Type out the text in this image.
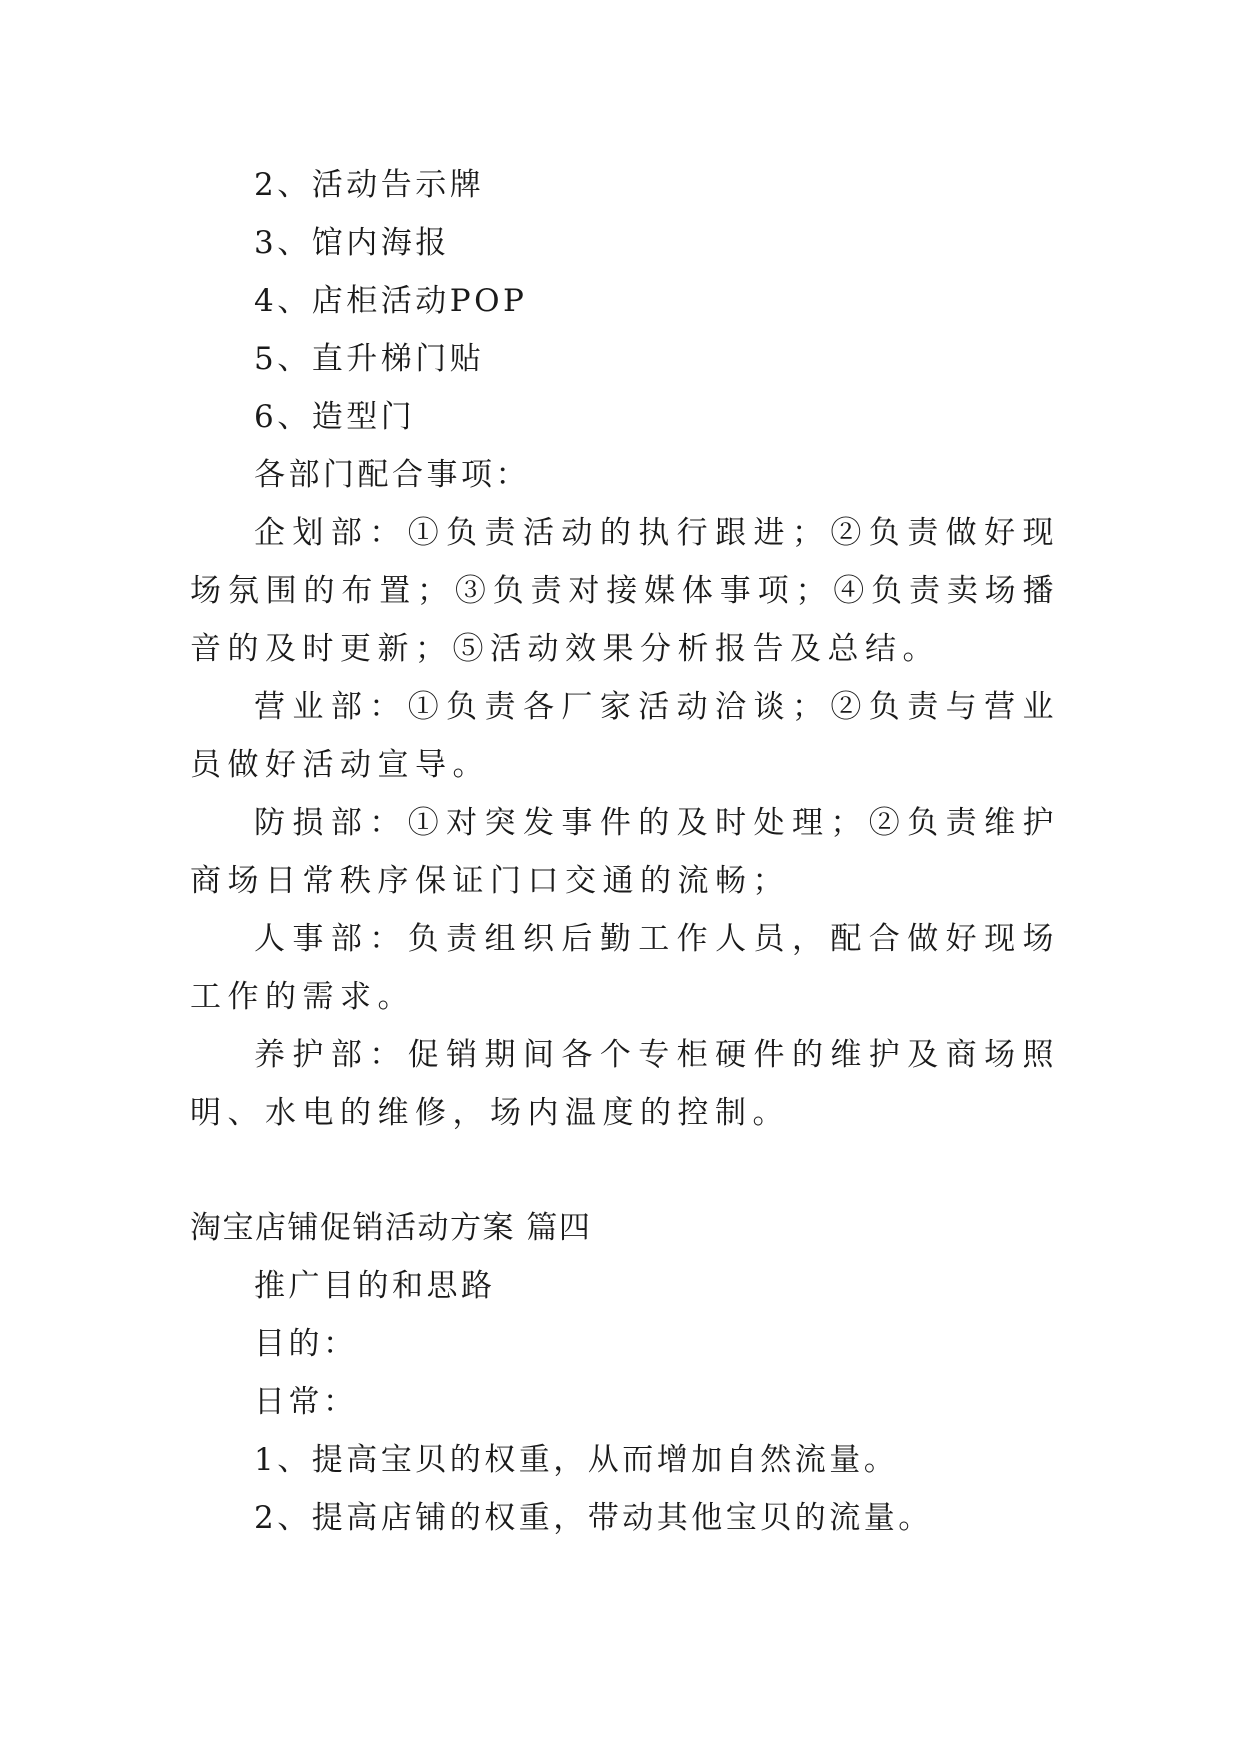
2、活动告示牌
3、馆内海报
4、店柜活动POP
5、直升梯门贴
6、造型门
各部门配合事项：
企划部：①负责活动的执行跟进；②负责做好现场氛围的布置；③负责对接媒体事项；④负责卖场播音的及时更新；⑤活动效果分析报告及总结。
营业部：①负责各厂家活动洽谈；②负责与营业员做好活动宣导。
防损部：①对突发事件的及时处理；②负责维护商场日常秩序保证门口交通的流畅；
人事部：负责组织后勤工作人员，配合做好现场工作的需求。
养护部：促销期间各个专柜硬件的维护及商场照明、水电的维修，场内温度的控制。
淘宝店铺促销活动方案 篇四
推广目的和思路
目的：
日常：
1、提高宝贝的权重，从而增加自然流量。
2、提高店铺的权重，带动其他宝贝的流量。
